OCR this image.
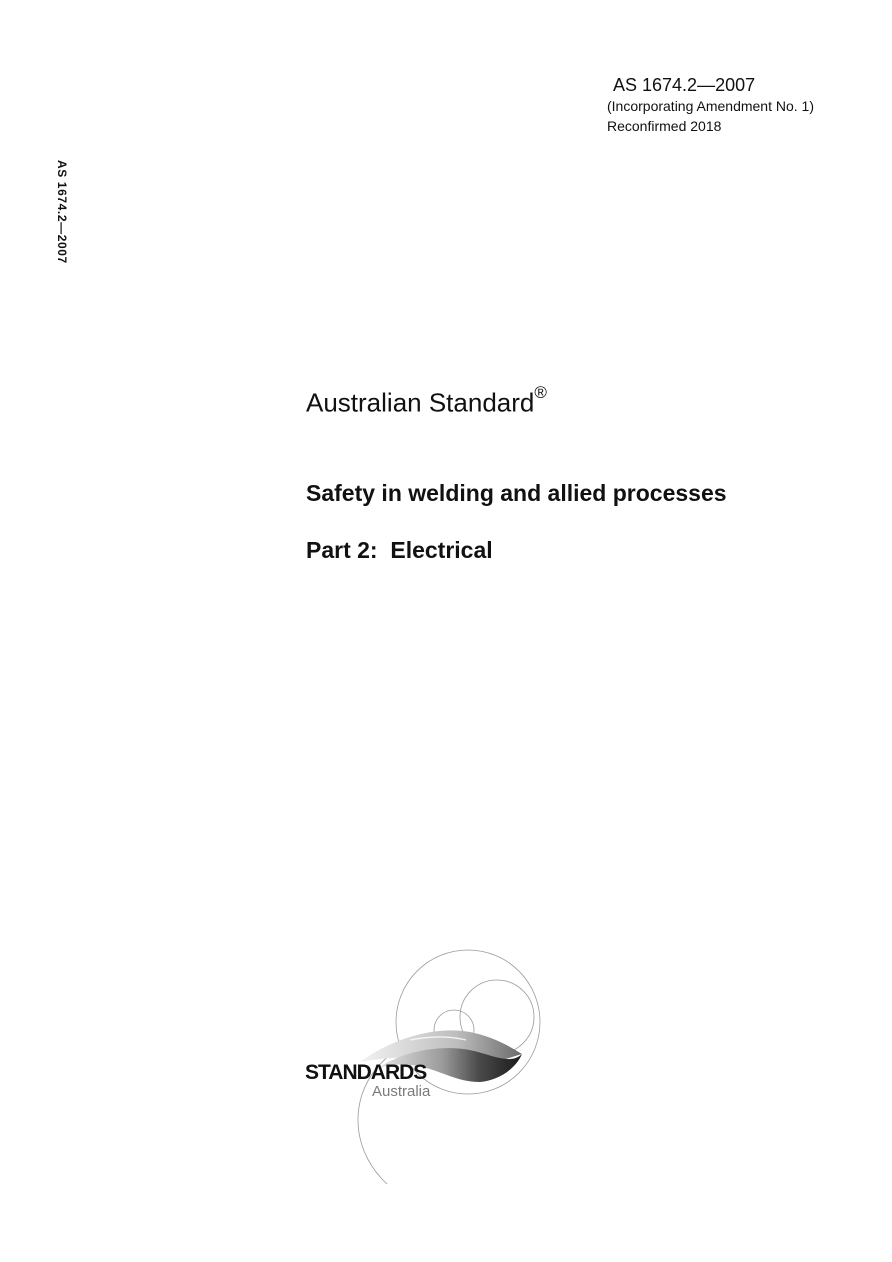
AS 1674.2—2007
(Incorporating Amendment No. 1)
Reconfirmed 2018
AS 1674.2—2007
Australian Standard®
Safety in welding and allied processes
Part 2:  Electrical
STANDARDS
Australia
